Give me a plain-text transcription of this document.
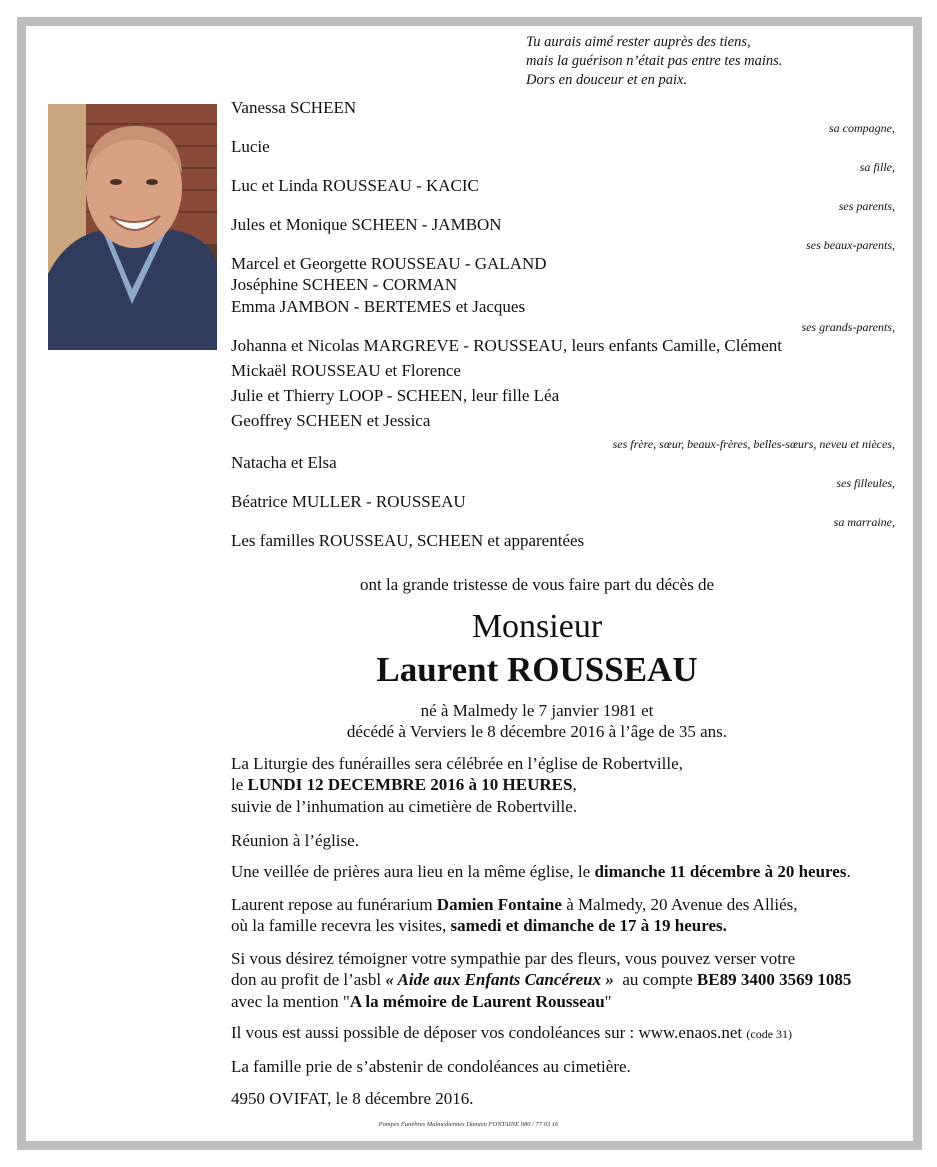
Tu aurais aimé rester auprès des tiens,
mais la guérison n’était pas entre tes mains.
Dors en douceur et en paix.
Vanessa SCHEEN
sa compagne,
Lucie
sa fille,
Luc et Linda ROUSSEAU - KACIC
ses parents,
Jules et Monique SCHEEN - JAMBON
ses beaux-parents,
Marcel et Georgette ROUSSEAU - GALAND
Joséphine SCHEEN - CORMAN
Emma JAMBON - BERTEMES et Jacques
ses grands-parents,
Johanna et Nicolas MARGREVE - ROUSSEAU, leurs enfants Camille, Clément
Mickaël ROUSSEAU et Florence
Julie et Thierry LOOP - SCHEEN, leur fille Léa
Geoffrey SCHEEN et Jessica
ses frère, sœur, beaux-frères, belles-sœurs, neveu et nièces,
Natacha et Elsa
ses filleules,
Béatrice MULLER - ROUSSEAU
sa marraine,
Les familles ROUSSEAU, SCHEEN et apparentées
ont la grande tristesse de vous faire part du décès de
Monsieur
Laurent ROUSSEAU
né à Malmedy le 7 janvier 1981 et
décédé à Verviers le 8 décembre 2016 à l’âge de 35 ans.
La Liturgie des funérailles sera célébrée en l’église de Robertville,
le LUNDI 12 DECEMBRE 2016 à 10 HEURES,
suivie de l’inhumation au cimetière de Robertville.
Réunion à l’église.
Une veillée de prières aura lieu en la même église, le dimanche 11 décembre à 20 heures.
Laurent repose au funérarium Damien Fontaine à Malmedy, 20 Avenue des Alliés,
où la famille recevra les visites, samedi et dimanche de 17 à 19 heures.
Si vous désirez témoigner votre sympathie par des fleurs, vous pouvez verser votre
don au profit de l’asbl « Aide aux Enfants Cancéreux »  au compte BE89 3400 3569 1085
avec la mention "A la mémoire de Laurent Rousseau"
Il vous est aussi possible de déposer vos condoléances sur : www.enaos.net (code 31)
La famille prie de s’abstenir de condoléances au cimetière.
4950 OVIFAT, le 8 décembre 2016.
Pompes Funèbres Malmédiennes Damien FONTAINE 080 / 77 03 16
